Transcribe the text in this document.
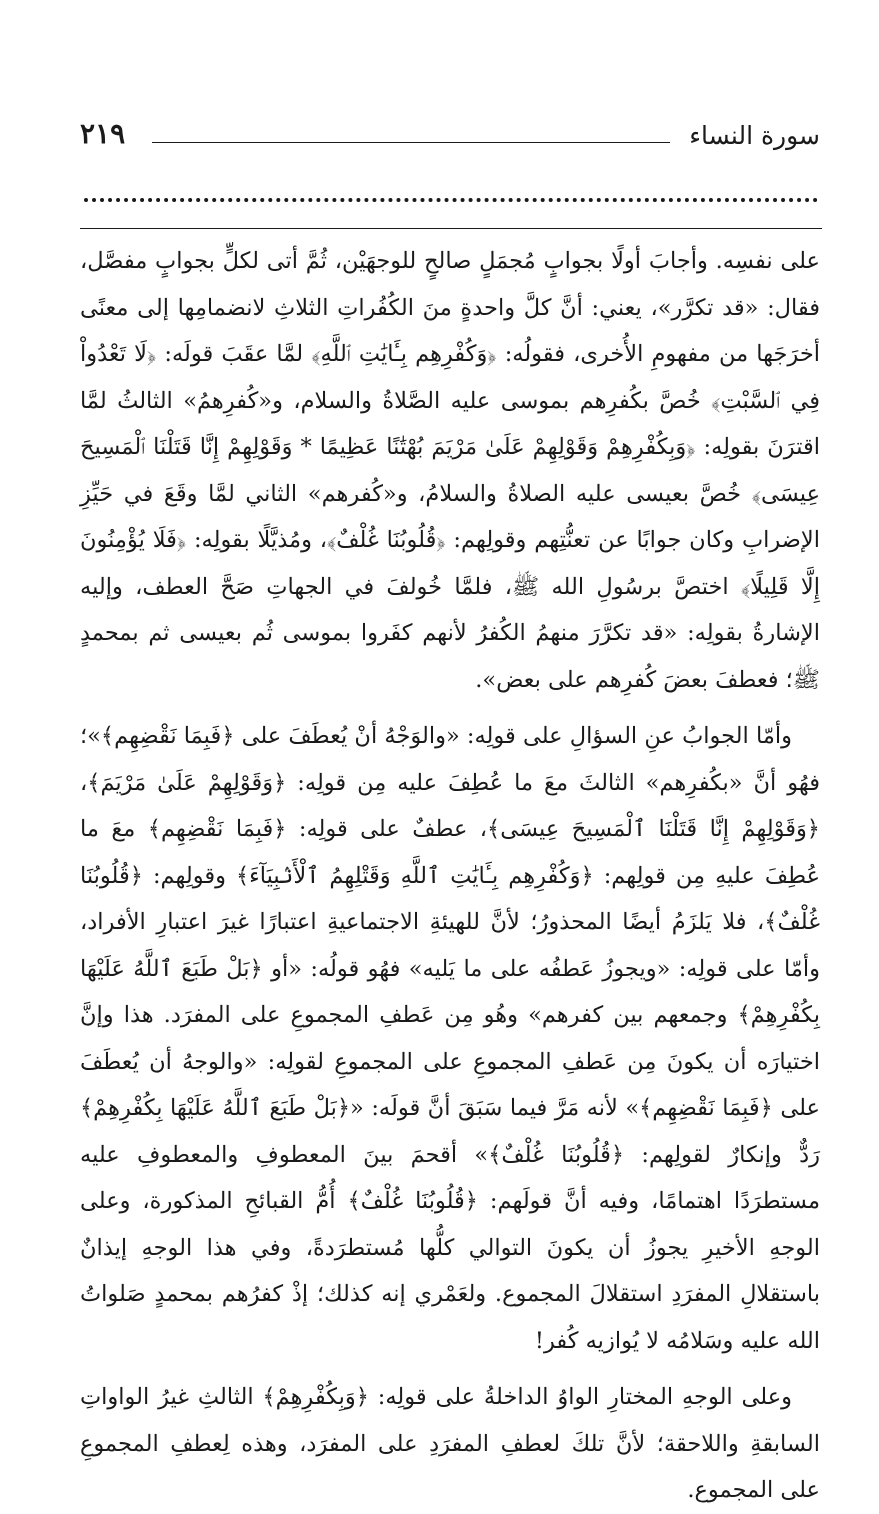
سورة النساء
٢١٩

على نفسِه. وأجابَ أولًا بجوابٍ مُجمَلٍ صالحٍ للوجهَيْن، ثُمَّ أتى لكلٍّ بجوابٍ مفصَّل، فقال: «قد تكرَّر»، يعني: أنَّ كلَّ واحدةٍ منَ الكُفُراتِ الثلاثِ لانضمامِها إلى معنًى أخرَجَها من مفهومِ الأُخرى، فقولُه: ﴿وَكُفْرِهِم بِـَٔايَٰتِ ٱللَّهِ﴾ لمَّا عقَبَ قولَه: ﴿لَا تَعْدُواْ فِي ٱلسَّبْتِ﴾ خُصَّ بكُفرِهم بموسى عليه الصَّلاةُ والسلام، و«كُفرِهمُ» الثالثُ لمَّا اقترَنَ بقولِه: ﴿وَبِكُفْرِهِمْ وَقَوْلِهِمْ عَلَىٰ مَرْيَمَ بُهْتَٰنًا عَظِيمًا * وَقَوْلِهِمْ إِنَّا قَتَلْنَا ٱلْمَسِيحَ عِيسَى﴾ خُصَّ بعيسى عليه الصلاةُ والسلامُ، و«كُفرهم» الثاني لمَّا وقَعَ في حَيِّزِ الإضرابِ وكان جوابًا عن تعنُّتِهم وقولِهم: ﴿قُلُوبُنَا غُلْفٌ﴾، ومُذيَّلًا بقولِه: ﴿فَلَا يُؤْمِنُونَ إِلَّا قَلِيلًا﴾ اختصَّ برسُولِ الله ﷺ، فلمَّا خُولفَ في الجهاتِ صَحَّ العطف، وإليه الإشارةُ بقولِه: «قد تكرَّرَ منهمُ الكُفرُ لأنهم كفَروا بموسى ثُم بعيسى ثم بمحمدٍ ﷺ؛ فعطفَ بعضَ كُفرِهم على بعض».

وأمّا الجوابُ عنِ السؤالِ على قولِه: «والوَجْهُ أنْ يُعطَفَ على ﴿فَبِمَا نَقْضِهِم﴾»؛ فهُو أنَّ «بكُفرِهم» الثالثَ معَ ما عُطِفَ عليه مِن قولِه: ﴿وَقَوْلِهِمْ عَلَىٰ مَرْيَمَ﴾، ﴿وَقَوْلِهِمْ إِنَّا قَتَلْنَا ٱلْمَسِيحَ عِيسَى﴾، عطفٌ على قولِه: ﴿فَبِمَا نَقْضِهِم﴾ معَ ما عُطِفَ عليهِ مِن قولِهم: ﴿وَكُفْرِهِم بِـَٔايَٰتِ ٱللَّهِ وَقَتْلِهِمُ ٱلْأَنۢبِيَآءَ﴾ وقولِهم: ﴿قُلُوبُنَا غُلْفٌ﴾، فلا يَلزَمُ أيضًا المحذورُ؛ لأنَّ للهيئةِ الاجتماعيةِ اعتبارًا غيرَ اعتبارِ الأفراد، وأمّا على قولِه: «ويجوزُ عَطفُه على ما يَليه» فهُو قولُه: «أو ﴿بَلْ طَبَعَ ٱللَّهُ عَلَيْهَا بِكُفْرِهِمْ﴾ وجمعهم بين كفرهم» وهُو مِن عَطفِ المجموعِ على المفرَد. هذا وإنَّ اختيارَه أن يكونَ مِن عَطفِ المجموعِ على المجموعِ لقولِه: «والوجهُ أن يُعطَفَ على ﴿فَبِمَا نَقْضِهِم﴾» لأنه مَرَّ فيما سَبَقَ أنَّ قولَه: «﴿بَلْ طَبَعَ ٱللَّهُ عَلَيْهَا بِكُفْرِهِمْ﴾ رَدٌّ وإنكارٌ لقولِهم: ﴿قُلُوبُنَا غُلْفٌ﴾» أقحمَ بينَ المعطوفِ والمعطوفِ عليه مستطرَدًا اهتمامًا، وفيه أنَّ قولَهم: ﴿قُلُوبُنَا غُلْفٌ﴾ أُمُّ القبائحِ المذكورة، وعلى الوجهِ الأخيرِ يجوزُ أن يكونَ التوالي كلُّها مُستطرَدةً، وفي هذا الوجهِ إيذانٌ باستقلالِ المفرَدِ استقلالَ المجموع. ولعَمْري إنه كذلك؛ إذْ كفرُهم بمحمدٍ صَلواتُ الله عليه وسَلامُه لا يُوازيه كُفر!

وعلى الوجهِ المختارِ الواوُ الداخلةُ على قولِه: ﴿وَبِكُفْرِهِمْ﴾ الثالثِ غيرُ الواواتِ السابقةِ واللاحقة؛ لأنَّ تلكَ لعطفِ المفرَدِ على المفرَد، وهذه لِعطفِ المجموعِ على المجموع.
